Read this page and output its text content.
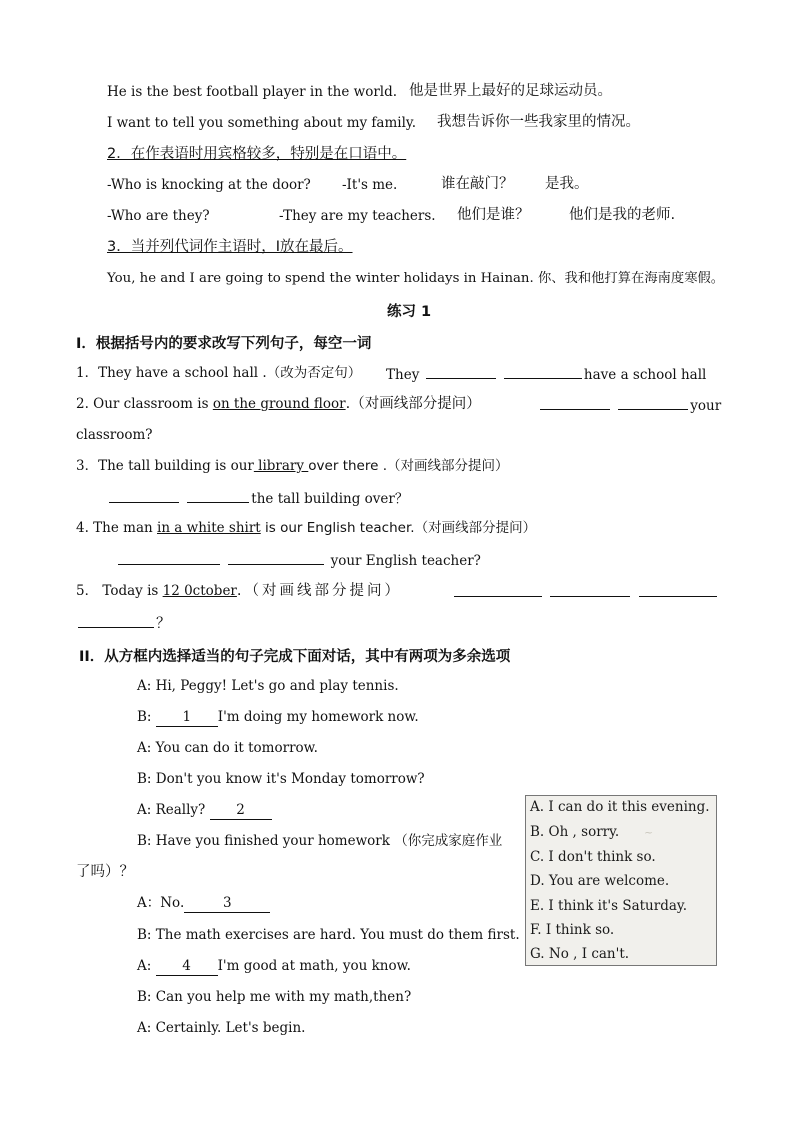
He is the best football player in the world. 他是世界上最好的足球运动员。
I want to tell you something about my family. 我想告诉你一些我家里的情况。
2．在作表语时用宾格较多，特别是在口语中。
-Who is knocking at the door? -It's me.	谁在敲门？ 是我。
-Who are they?	-They are my teachers. 他们是谁？	他们是我的老师.
3．当并列代词作主语时，I放在最后。
You, he and I are going to spend the winter holidays in Hainan. 你、我和他打算在海南度寒假。
练习 1
I．根据括号内的要求改写下列句子，每空一词
1．They have a school hall .（改为否定句） They	have a school hall
2. Our classroom is on the ground floor.（对画线部分提问）	your
classroom?
3．The tall building is our library over there .（对画线部分提问）
the tall building over？
4. The man in a white shirt is our English teacher.（对画线部分提问）
your English teacher?
5． Today is 12 0ctober.（对画线部分提问）

？
II．从方框内选择适当的句子完成下面对话，其中有两项为多余选项
A: Hi, Peggy! Let's go and play tennis.
B: 1 I'm doing my homework now.
A: You can do it tomorrow.
B: Don't you know it's Monday tomorrow?
A: Really? 2
B: Have you finished your homework （你完成家庭作业
了吗）？
A：No.	3
B: The math exercises are hard. You must do them first.
A: 4 I'm good at math, you know.
B: Can you help me with my math,then?
A: Certainly. Let's begin.
~
A. I can do it this evening.
B. Oh , sorry.
C. I don't think so.
D. You are welcome.
E. I think it's Saturday.
F. I think so.
G. No , I can't.
